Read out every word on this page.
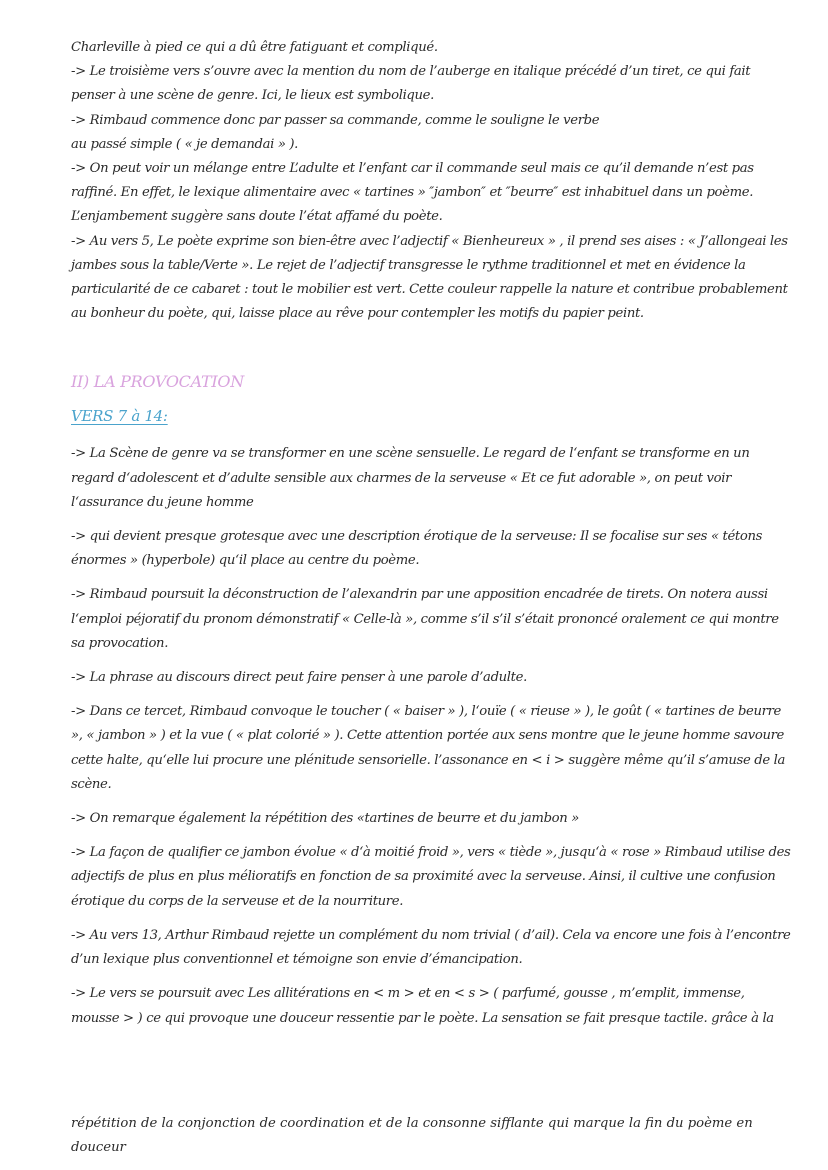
Charleville à pied ce qui a dû être fatiguant et compliqué.

-> Le troisième vers s’ouvre avec la mention du nom de l’auberge en italique précédé d’un tiret, ce qui fait penser à une scène de genre. Ici, le lieux est symbolique.

-> Rimbaud commence donc par passer sa commande, comme le souligne le verbe

au passé simple ( « je demandai » ).

-> On peut voir un mélange entre L’adulte et l’enfant car il commande seul mais ce qu’il demande n’est pas raffiné. En effet, le lexique alimentaire avec « tartines » ″jambon″ et ″beurre″ est inhabituel dans un poème. L’enjambement suggère sans doute l’état affamé du poète.

-> Au vers 5, Le poète exprime son bien-être avec l’adjectif « Bienheureux » , il prend ses aises : « J’allongeai les jambes sous la table/Verte ». Le rejet de l’adjectif transgresse le rythme traditionnel et met en évidence la particularité de ce cabaret : tout le mobilier est vert. Cette couleur rappelle la nature et contribue probablement au bonheur du poète, qui, laisse place au rêve pour contempler les motifs du papier peint.

II) LA PROVOCATION

VERS 7 à 14:

-> La Scène de genre va se transformer en une scène sensuelle. Le regard de l‘enfant se transforme en un regard d‘adolescent et d’adulte sensible aux charmes de la serveuse « Et ce fut adorable », on peut voir l‘assurance du jeune homme

-> qui devient presque grotesque avec une description érotique de la serveuse: Il se focalise sur ses « tétons énormes » (hyperbole) qu‘il place au centre du poème.

-> Rimbaud poursuit la déconstruction de l’alexandrin par une apposition encadrée de tirets. On notera aussi l‘emploi péjoratif du pronom démonstratif « Celle-là », comme s’il s’il s’était prononcé oralement ce qui montre sa provocation.

-> La phrase au discours direct peut faire penser à une parole d’adulte.

-> Dans ce tercet, Rimbaud convoque le toucher ( « baiser » ), l‘ouïe ( « rieuse » ), le goût ( « tartines de beurre », « jambon » ) et la vue ( « plat colorié » ). Cette attention portée aux sens montre que le jeune homme savoure cette halte, qu‘elle lui procure une plénitude sensorielle. l’assonance en < i > suggère même qu’il s’amuse de la scène.

-> On remarque également la répétition des «tartines de beurre et du jambon »

-> La façon de qualifier ce jambon évolue « d‘à moitié froid », vers « tiède », jusqu‘à « rose » Rimbaud utilise des adjectifs de plus en plus mélioratifs en fonction de sa proximité avec la serveuse. Ainsi, il cultive une confusion érotique du corps de la serveuse et de la nourriture.

-> Au vers 13, Arthur Rimbaud rejette un complément du nom trivial ( d’ail). Cela va encore une fois à l’encontre d’un lexique plus conventionnel et témoigne son envie d’émancipation.

-> Le vers se poursuit avec Les allitérations en < m > et en < s > ( parfumé, gousse , m’emplit, immense, mousse > ) ce qui provoque une douceur ressentie par le poète. La sensation se fait presque tactile. grâce à la

répétition de la conjonction de coordination et de la consonne sifflante qui marque la fin du poème en douceur
